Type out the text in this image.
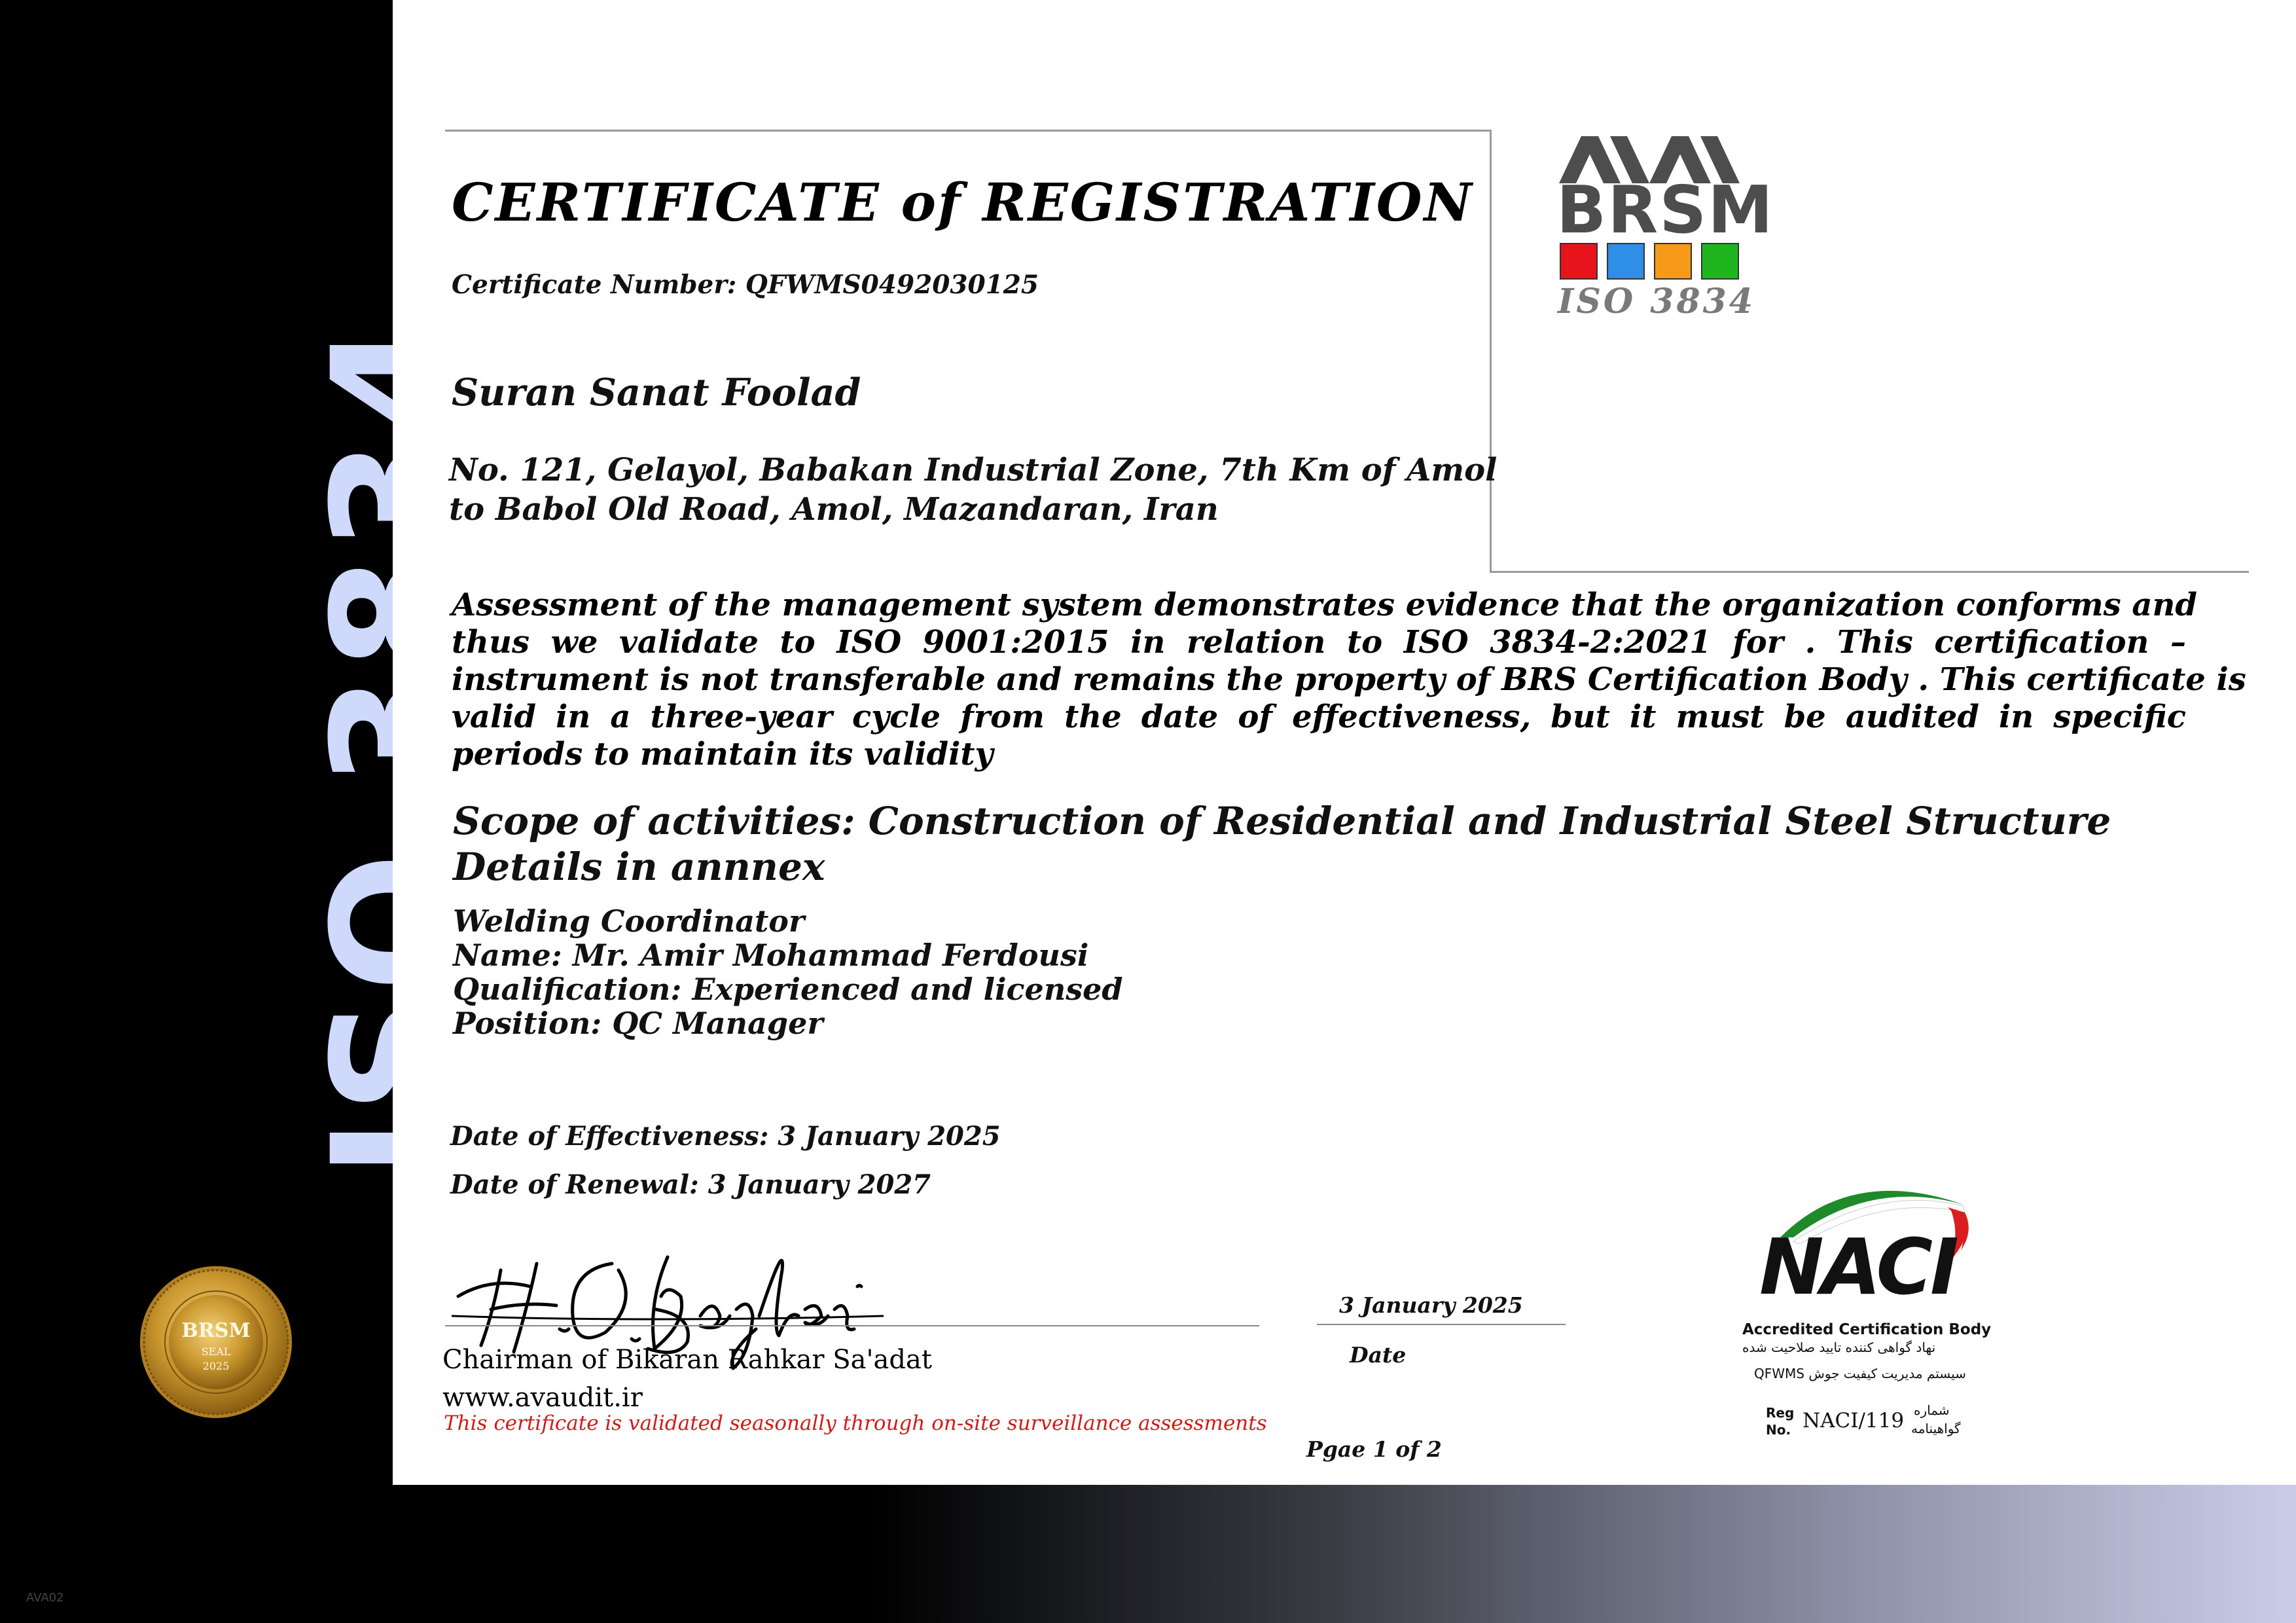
BRSM
SEAL
2025
AVA02
CERTIFICATE of REGISTRATION
Certificate Number: QFWMS0492030125
Suran Sanat Foolad
No. 121, Gelayol, Babakan Industrial Zone, 7th Km of Amol
to Babol Old Road, Amol, Mazandaran, Iran
Assessment of the management system demonstrates evidence that the organization conforms and
thus we validate to ISO 9001:2015 in relation to ISO 3834-2:2021 for . This certification –
instrument is not transferable and remains the property of BRS Certification Body . This certificate is
valid in a three-year cycle from the date of effectiveness, but it must be audited in specific
periods to maintain its validity
Scope of activities: Construction of Residential and Industrial Steel Structure
Details in annnex
Welding Coordinator
Name: Mr. Amir Mohammad Ferdousi
Qualification: Experienced and licensed
Position: QC Manager
Date of Effectiveness: 3 January 2025
Date of Renewal: 3 January 2027
Chairman of Bikaran Rahkar Sa'adat
www.avaudit.ir
This certificate is validated seasonally through on-site surveillance assessments
3 January 2025
Date
Pgae 1 of 2
BRSM
ISO 3834
NACI
Accredited Certification Body
نهاد گواهی کننده تایید صلاحیت شده
سیستم مدیریت کیفیت جوش QFWMS
Reg
No. NACI/119 شماره
گواهینامه
